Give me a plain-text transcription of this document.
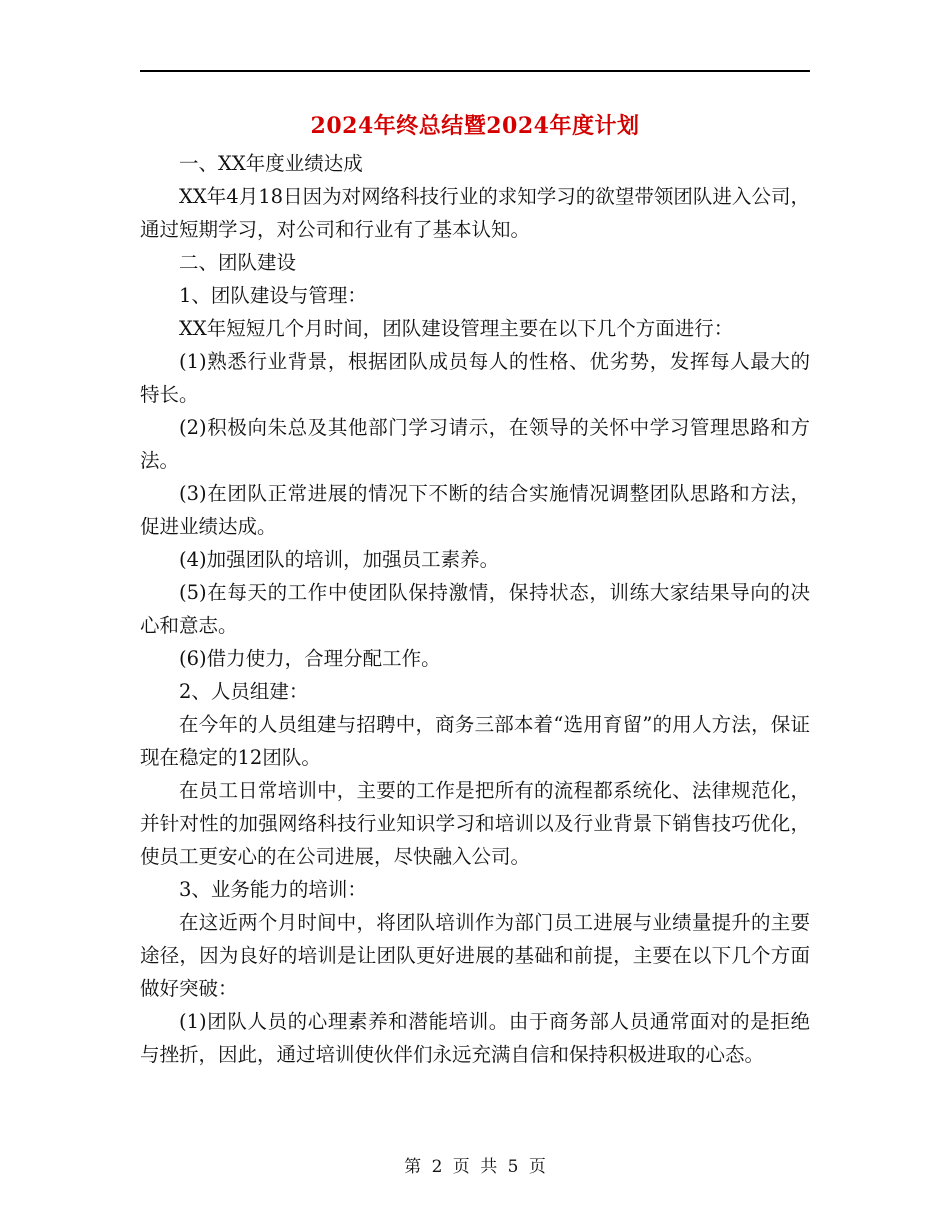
2024年终总结暨2024年度计划

一、XX年度业绩达成

XX年4月18日因为对网络科技行业的求知学习的欲望带领团队进入公司，通过短期学习，对公司和行业有了基本认知。

二、团队建设

1、团队建设与管理：

XX年短短几个月时间，团队建设管理主要在以下几个方面进行：

(1)熟悉行业背景，根据团队成员每人的性格、优劣势，发挥每人最大的特长。

(2)积极向朱总及其他部门学习请示，在领导的关怀中学习管理思路和方法。

(3)在团队正常进展的情况下不断的结合实施情况调整团队思路和方法，促进业绩达成。

(4)加强团队的培训，加强员工素养。

(5)在每天的工作中使团队保持激情，保持状态，训练大家结果导向的决心和意志。

(6)借力使力，合理分配工作。

2、人员组建：

在今年的人员组建与招聘中，商务三部本着“选用育留”的用人方法，保证现在稳定的12团队。

在员工日常培训中，主要的工作是把所有的流程都系统化、法律规范化，并针对性的加强网络科技行业知识学习和培训以及行业背景下销售技巧优化，使员工更安心的在公司进展，尽快融入公司。

3、业务能力的培训：

在这近两个月时间中，将团队培训作为部门员工进展与业绩量提升的主要途径，因为良好的培训是让团队更好进展的基础和前提，主要在以下几个方面做好突破：

(1)团队人员的心理素养和潜能培训。由于商务部人员通常面对的是拒绝与挫折，因此，通过培训使伙伴们永远充满自信和保持积极进取的心态。

第 2 页 共 5 页
